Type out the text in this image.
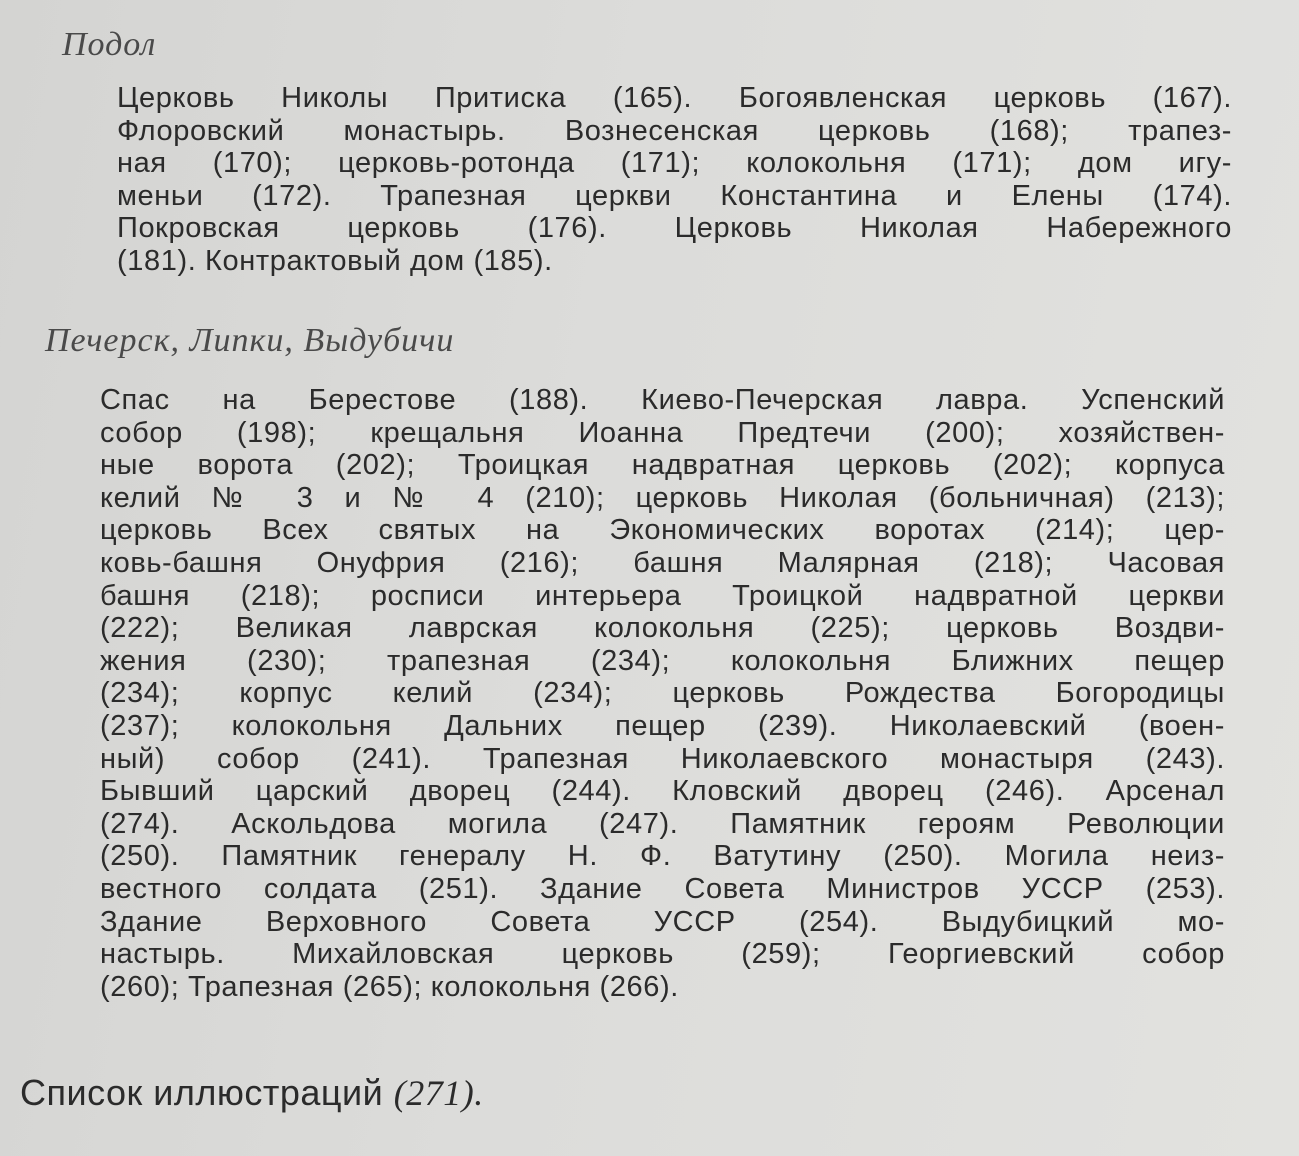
Подол
Церковь Николы Притиска (165). Богоявленская церковь (167).
Флоровский монастырь. Вознесенская церковь (168); трапез-
ная (170); церковь-ротонда (171); колокольня (171); дом игу-
меньи (172). Трапезная церкви Константина и Елены (174).
Покровская церковь (176). Церковь Николая Набережного
(181). Контрактовый дом (185).
Печерск, Липки, Выдубичи
Спас на Берестове (188). Киево-Печерская лавра. Успенский
собор (198); крещальня Иоанна Предтечи (200); хозяйствен-
ные ворота (202); Троицкая надвратная церковь (202); корпуса
келий № 3 и № 4 (210); церковь Николая (больничная) (213);
церковь Всех святых на Экономических воротах (214); цер-
ковь-башня Онуфрия (216); башня Малярная (218); Часовая
башня (218); росписи интерьера Троицкой надвратной церкви
(222); Великая лаврская колокольня (225); церковь Воздви-
жения (230); трапезная (234); колокольня Ближних пещер
(234); корпус келий (234); церковь Рождества Богородицы
(237); колокольня Дальних пещер (239). Николаевский (воен-
ный) собор (241). Трапезная Николаевского монастыря (243).
Бывший царский дворец (244). Кловский дворец (246). Арсенал
(274). Аскольдова могила (247). Памятник героям Революции
(250). Памятник генералу Н. Ф. Ватутину (250). Могила неиз-
вестного солдата (251). Здание Совета Министров УССР (253).
Здание Верховного Совета УССР (254). Выдубицкий мо-
настырь. Михайловская церковь (259); Георгиевский собор
(260); Трапезная (265); колокольня (266).
Список иллюстраций (271).
